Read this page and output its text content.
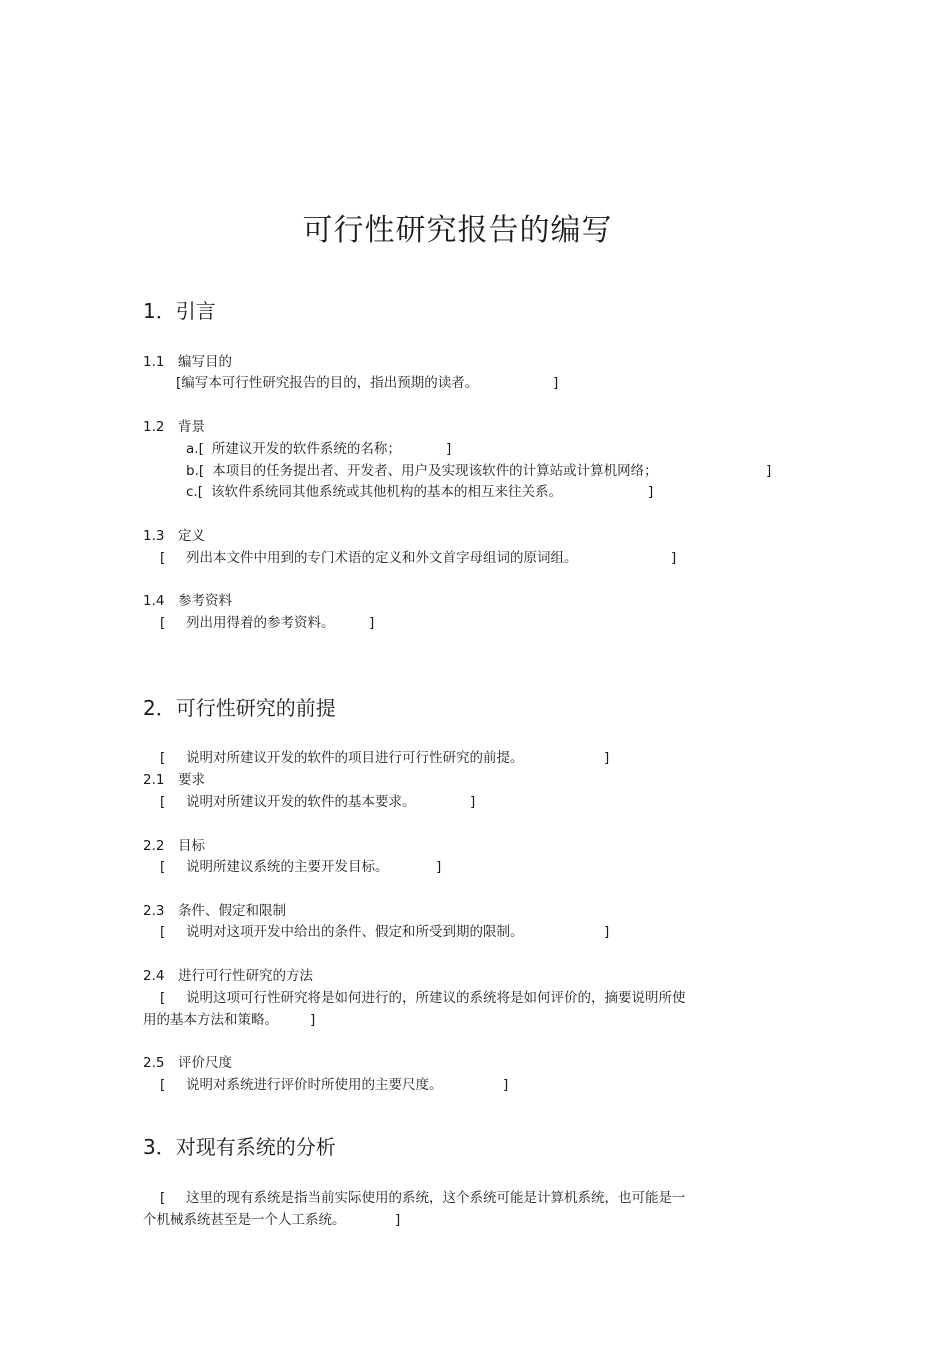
可行性研究报告的编写
1．引言
1.1 编写目的
[编写本可行性研究报告的目的，指出预期的读者。	]
1.2 背景
a.[ 所建议开发的软件系统的名称；	]
b.[ 本项目的任务提出者、开发者、用户及实现该软件的计算站或计算机网络；	]
c.[ 该软件系统同其他系统或其他机构的基本的相互来往关系。	]
1.3 定义
[ 列出本文件中用到的专门术语的定义和外文首字母组词的原词组。	]
1.4 参考资料
[ 列出用得着的参考资料。	]
2．可行性研究的前提
[ 说明对所建议开发的软件的项目进行可行性研究的前提。	]
2.1 要求
[ 说明对所建议开发的软件的基本要求。	]
2.2 目标
[ 说明所建议系统的主要开发目标。	]
2.3 条件、假定和限制
[ 说明对这项开发中给出的条件、假定和所受到期的限制。	]
2.4 进行可行性研究的方法
[ 说明这项可行性研究将是如何进行的，所建议的系统将是如何评价的，摘要说明所使
用的基本方法和策略。 ]
2.5 评价尺度
[ 说明对系统进行评价时所使用的主要尺度。	]
3．对现有系统的分析
[ 这里的现有系统是指当前实际使用的系统，这个系统可能是计算机系统，也可能是一
个机械系统甚至是一个人工系统。	]
